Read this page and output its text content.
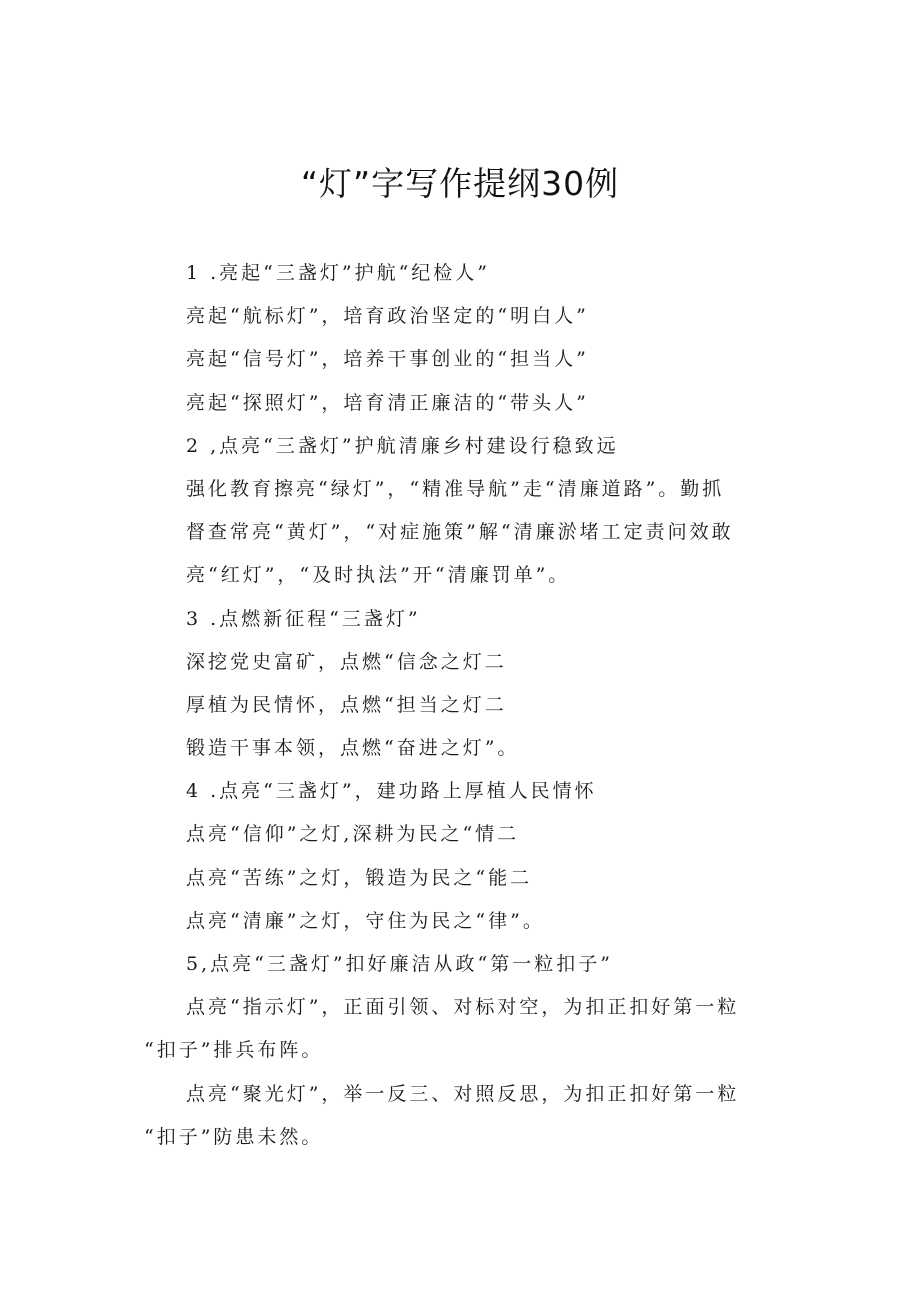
“灯”字写作提纲30例
1 .亮起“三盏灯”护航“纪检人”
亮起“航标灯”，培育政治坚定的“明白人”
亮起“信号灯”，培养干事创业的“担当人”
亮起“探照灯”，培育清正廉洁的“带头人”
2 ,点亮“三盏灯”护航清廉乡村建设行稳致远
强化教育擦亮“绿灯”，“精准导航”走“清廉道路”。勤抓
督查常亮“黄灯”，“对症施策”解“清廉淤堵工定责问效敢
亮“红灯”，“及时执法”开“清廉罚单”。
3 .点燃新征程“三盏灯”
深挖党史富矿，点燃“信念之灯二
厚植为民情怀，点燃“担当之灯二
锻造干事本领，点燃“奋进之灯”。
4 .点亮“三盏灯”，建功路上厚植人民情怀
点亮“信仰”之灯,深耕为民之“情二
点亮“苦练”之灯，锻造为民之“能二
点亮“清廉”之灯，守住为民之“律”。
5,点亮“三盏灯”扣好廉洁从政“第一粒扣子”
点亮“指示灯”，正面引领、对标对空，为扣正扣好第一粒
“扣子”排兵布阵。
点亮“聚光灯”，举一反三、对照反思，为扣正扣好第一粒
“扣子”防患未然。
